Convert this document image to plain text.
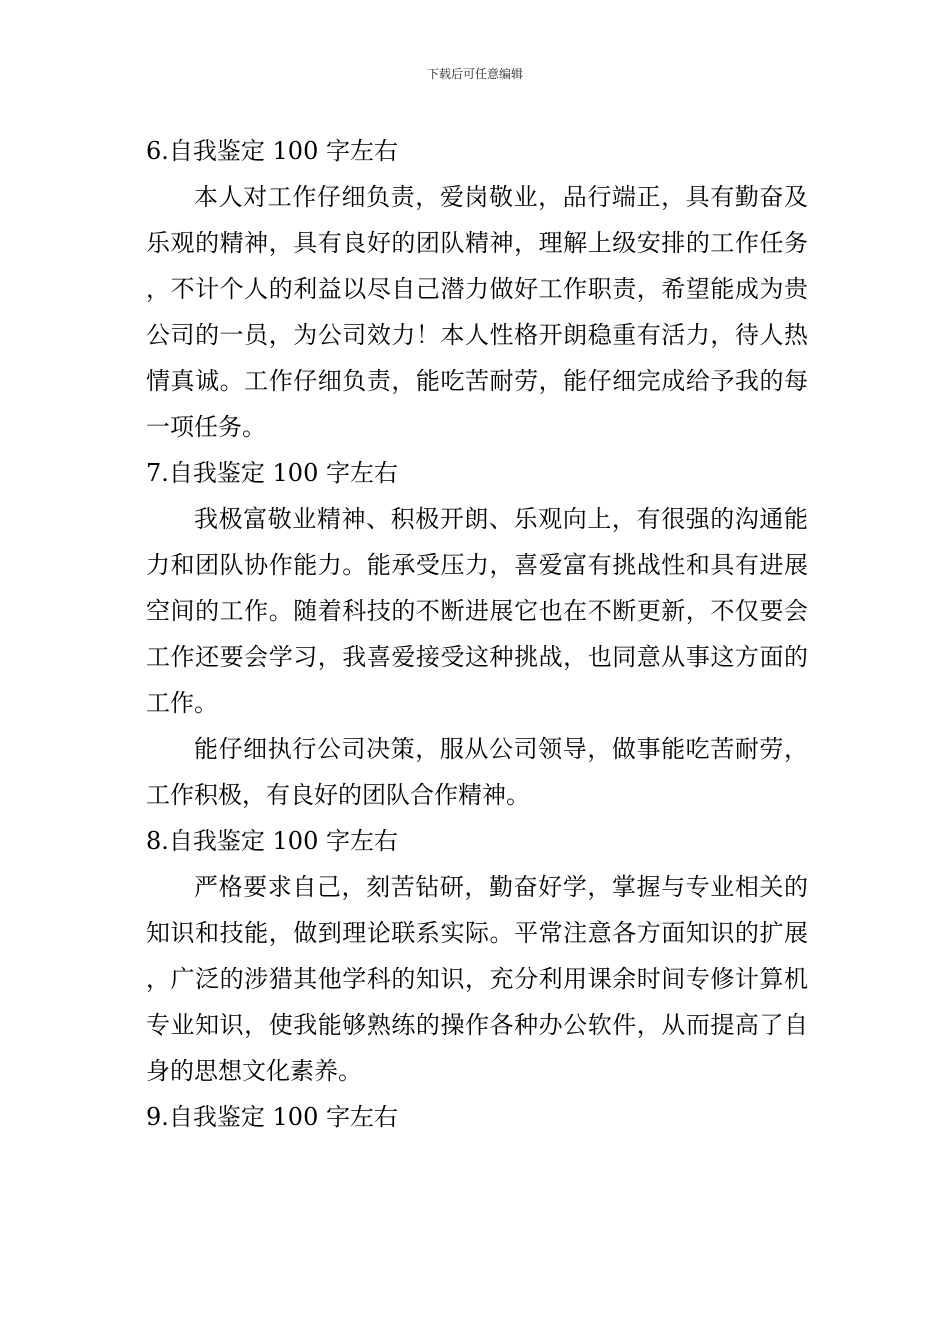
下载后可任意编辑
6.自我鉴定 100 字左右

本人对工作仔细负责，爱岗敬业，品行端正，具有勤奋及乐观的精神，具有良好的团队精神，理解上级安排的工作任务，不计个人的利益以尽自己潜力做好工作职责，希望能成为贵公司的一员，为公司效力！本人性格开朗稳重有活力，待人热情真诚。工作仔细负责，能吃苦耐劳，能仔细完成给予我的每一项任务。

7.自我鉴定 100 字左右

我极富敬业精神、积极开朗、乐观向上，有很强的沟通能力和团队协作能力。能承受压力，喜爱富有挑战性和具有进展空间的工作。随着科技的不断进展它也在不断更新，不仅要会工作还要会学习，我喜爱接受这种挑战，也同意从事这方面的工作。

能仔细执行公司决策，服从公司领导，做事能吃苦耐劳，工作积极，有良好的团队合作精神。

8.自我鉴定 100 字左右

严格要求自己，刻苦钻研，勤奋好学，掌握与专业相关的知识和技能，做到理论联系实际。平常注意各方面知识的扩展，广泛的涉猎其他学科的知识，充分利用课余时间专修计算机专业知识，使我能够熟练的操作各种办公软件，从而提高了自身的思想文化素养。

9.自我鉴定 100 字左右
